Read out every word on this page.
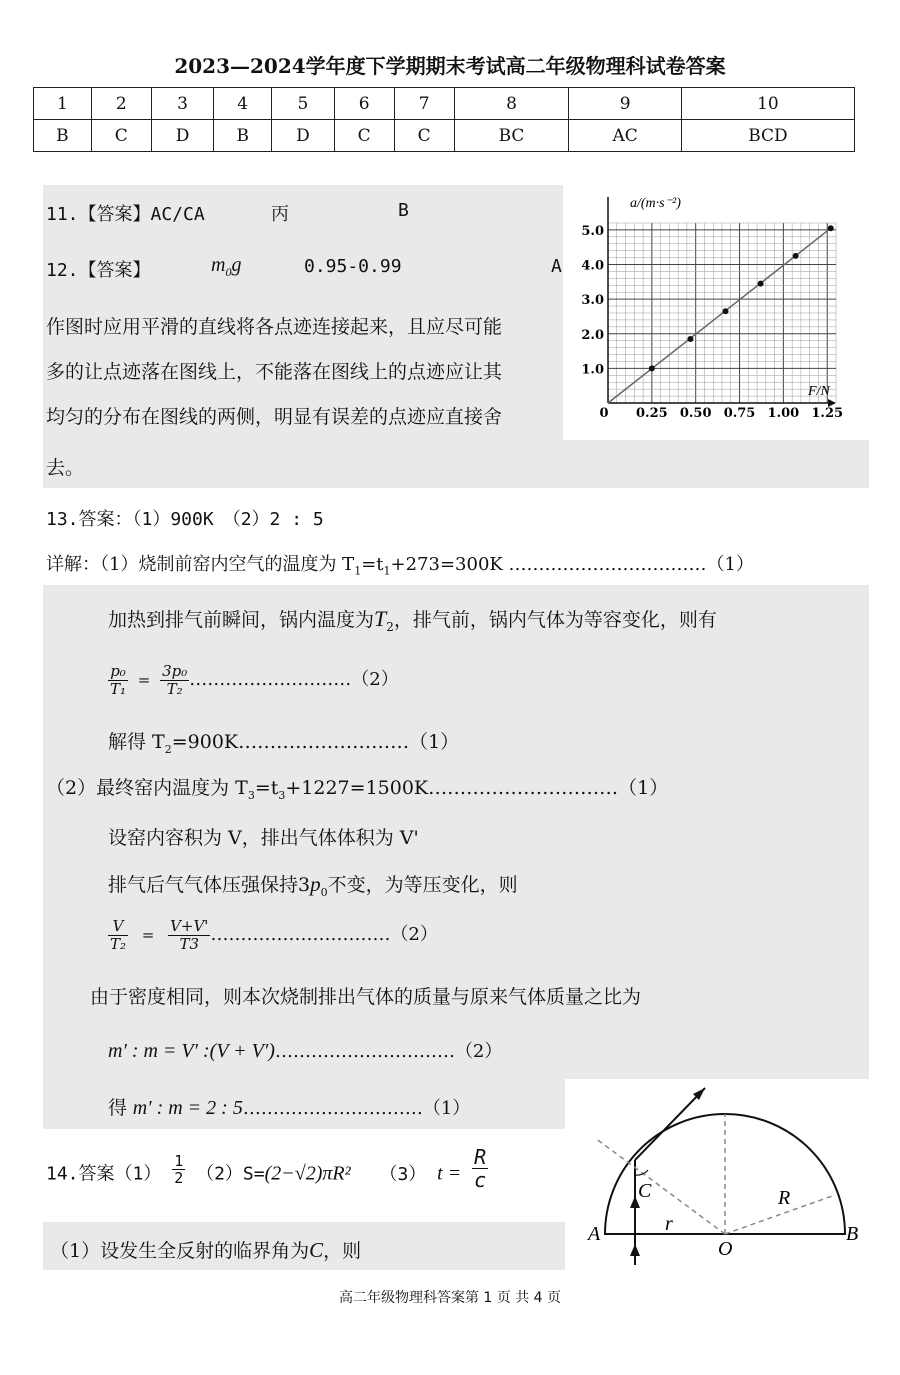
2023—2024学年度下学期期末考试高二年级物理科试卷答案
1	2	3	4	5	6	7	8	9	10
B	C	D	B	D	C	C	BC	AC	BCD
11.【答案】AC/CA	丙	B
12.【答案】	$m_0g$	0.95-0.99	A
作图时应用平滑的直线将各点迹连接起来，且应尽可能
多的让点迹落在图线上，不能落在图线上的点迹应让其
均匀的分布在图线的两侧，明显有误差的点迹应直接舍
去。
a/(m·s⁻²)
F/N
0
5.0
4.0
3.0
2.0
1.0
0.25 0.50 0.75 1.00 1.25
13.答案：（1）900K　（2）2 : 5
详解：（1）烧制前窑内空气的温度为 $T_1=t_1+273=300K$ ……………………………（1）
加热到排气前瞬间，锅内温度为$T_2$，排气前，锅内气体为等容变化，则有
$\frac{\text{p₀}}{\text{T₁}} = \frac{\text{3p₀}}{\text{T₂}}$ ………………………（2）
解得 $T_2=900K\dots\dots\dots\dots\dots\dots\dots\dots\dots(1)$
（2）最终窑内温度为 $T_3=t_3+1227=1500K\dots\dots\dots\dots\dots\dots\dots\dots\dots\dots(1)$
设窑内容积为 V，排出气体体积为 V'
排气后气气体压强保持$3p_0$不变，为等压变化，则
$\frac{V}{\text{T₂}} = \frac{V+V'}{T3}$ …………………………（2）
由于密度相同，则本次烧制排出气体的质量与原来气体质量之比为
m′ : m = V′ :(V + V′)…………………………（2）
得 m′ : m = 2 : 5…………………………（1）
14.答案$(1) \frac{1}{2} (2)S=(2-√2)\pi R^2$ （3） $t = \frac{R}{c}$
（1）设发生全反射的临界角为C，则
A	B
O
R
r
C
高二年级物理科答案第 1 页 共 4 页
